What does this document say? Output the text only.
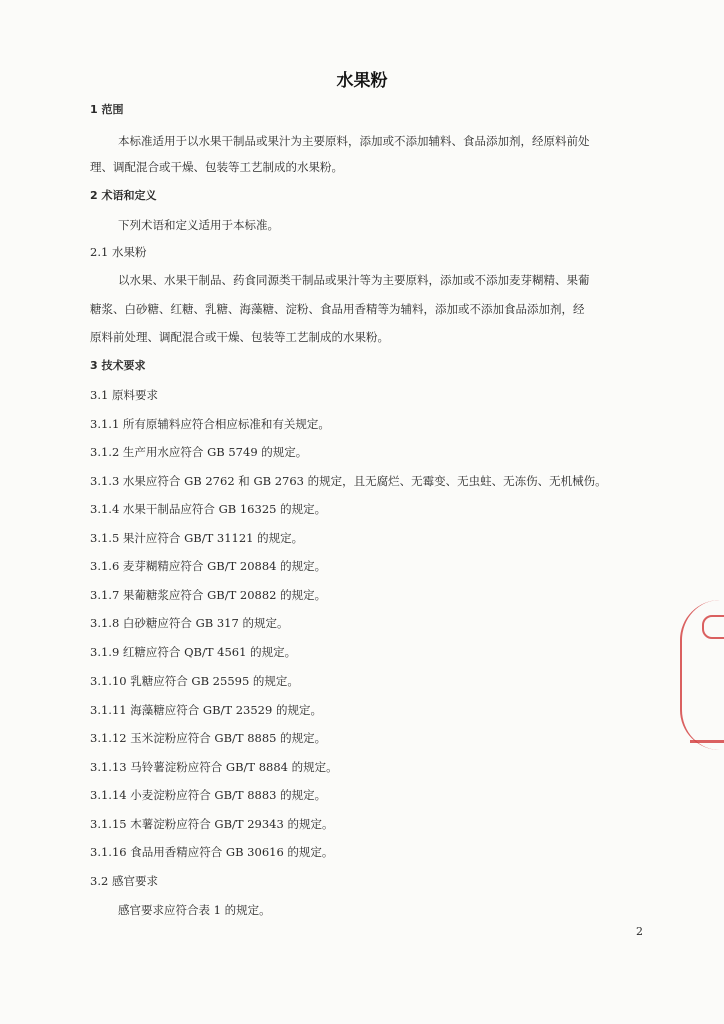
水果粉
1 范围
本标准适用于以水果干制品或果汁为主要原料，添加或不添加辅料、食品添加剂，经原料前处
理、调配混合或干燥、包装等工艺制成的水果粉。
2 术语和定义
下列术语和定义适用于本标准。
2.1 水果粉
以水果、水果干制品、药食同源类干制品或果汁等为主要原料，添加或不添加麦芽糊精、果葡
糖浆、白砂糖、红糖、乳糖、海藻糖、淀粉、食品用香精等为辅料，添加或不添加食品添加剂，经
原料前处理、调配混合或干燥、包装等工艺制成的水果粉。
3 技术要求
3.1 原料要求
3.1.1 所有原辅料应符合相应标准和有关规定。
3.1.2 生产用水应符合 GB 5749 的规定。
3.1.3 水果应符合 GB 2762 和 GB 2763 的规定，且无腐烂、无霉变、无虫蛀、无冻伤、无机械伤。
3.1.4 水果干制品应符合 GB 16325 的规定。
3.1.5 果汁应符合 GB/T 31121 的规定。
3.1.6 麦芽糊精应符合 GB/T 20884 的规定。
3.1.7 果葡糖浆应符合 GB/T 20882 的规定。
3.1.8 白砂糖应符合 GB 317 的规定。
3.1.9 红糖应符合 QB/T 4561 的规定。
3.1.10 乳糖应符合 GB 25595 的规定。
3.1.11 海藻糖应符合 GB/T 23529 的规定。
3.1.12 玉米淀粉应符合 GB/T 8885 的规定。
3.1.13 马铃薯淀粉应符合 GB/T 8884 的规定。
3.1.14 小麦淀粉应符合 GB/T 8883 的规定。
3.1.15 木薯淀粉应符合 GB/T 29343 的规定。
3.1.16 食品用香精应符合 GB 30616 的规定。
3.2 感官要求
感官要求应符合表 1 的规定。
2
